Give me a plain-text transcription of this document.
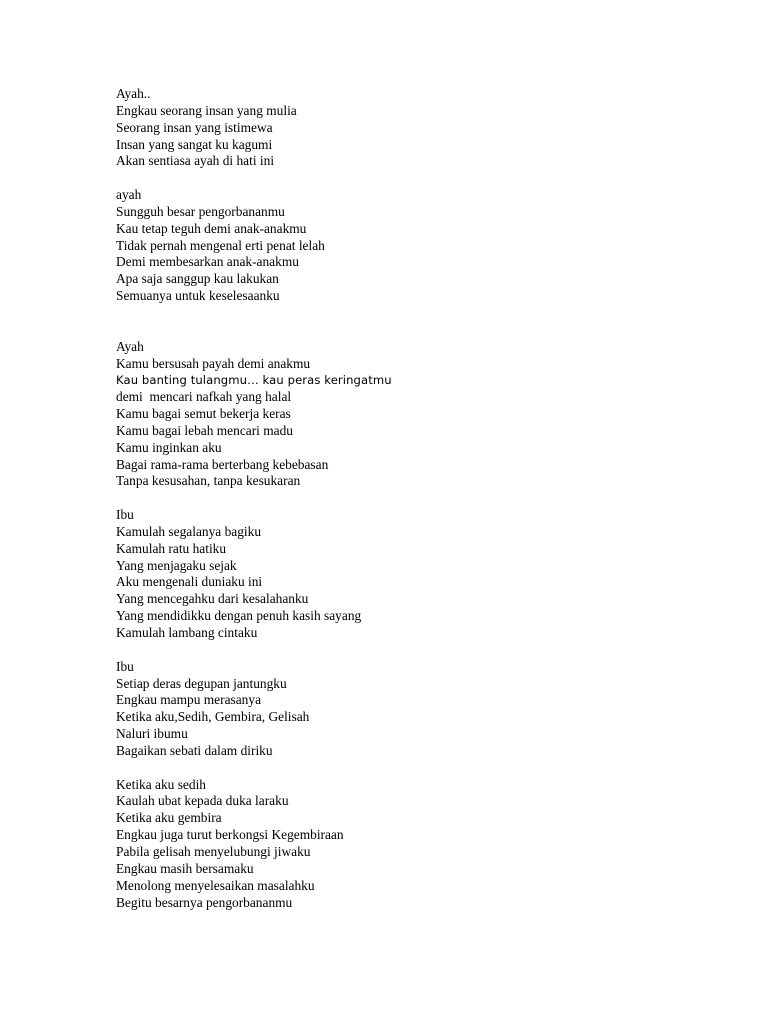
Ayah..
Engkau seorang insan yang mulia
Seorang insan yang istimewa
Insan yang sangat ku kagumi
Akan sentiasa ayah di hati ini
ayah
Sungguh besar pengorbananmu
Kau tetap teguh demi anak-anakmu
Tidak pernah mengenal erti penat lelah
Demi membesarkan anak-anakmu
Apa saja sanggup kau lakukan
Semuanya untuk keselesaanku
Ayah
Kamu bersusah payah demi anakmu
Kau banting tulangmu… kau peras keringatmu
demi  mencari nafkah yang halal
Kamu bagai semut bekerja keras
Kamu bagai lebah mencari madu
Kamu inginkan aku
Bagai rama-rama berterbang kebebasan
Tanpa kesusahan, tanpa kesukaran
Ibu
Kamulah segalanya bagiku
Kamulah ratu hatiku
Yang menjagaku sejak
Aku mengenali duniaku ini
Yang mencegahku dari kesalahanku
Yang mendidikku dengan penuh kasih sayang
Kamulah lambang cintaku
Ibu
Setiap deras degupan jantungku
Engkau mampu merasanya
Ketika aku,Sedih, Gembira, Gelisah
Naluri ibumu
Bagaikan sebati dalam diriku
Ketika aku sedih
Kaulah ubat kepada duka laraku
Ketika aku gembira
Engkau juga turut berkongsi Kegembiraan
Pabila gelisah menyelubungi jiwaku
Engkau masih bersamaku
Menolong menyelesaikan masalahku
Begitu besarnya pengorbananmu
